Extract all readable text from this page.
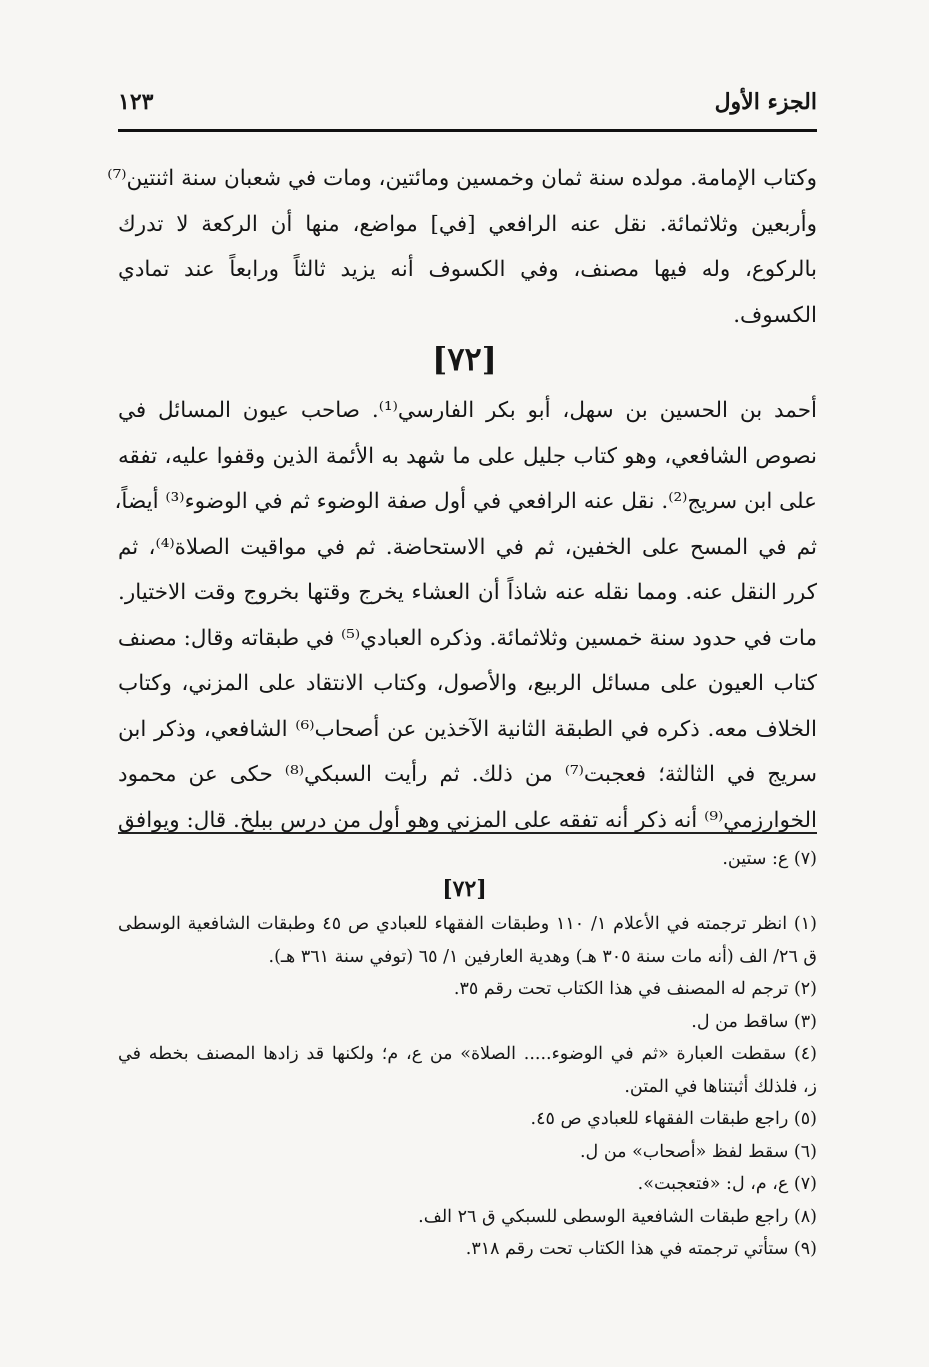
الجزء الأول
١٢٣
وكتاب الإمامة. مولده سنة ثمان وخمسين ومائتين، ومات في شعبان سنة اثنتين⁽⁷⁾
وأربعين وثلاثمائة. نقل عنه الرافعي [في] مواضع، منها أن الركعة لا تدرك
بالركوع، وله فيها مصنف، وفي الكسوف أنه يزيد ثالثاً ورابعاً عند تمادي
الكسوف.
[٧٢]
أحمد بن الحسين بن سهل، أبو بكر الفارسي⁽¹⁾. صاحب عيون المسائل في
نصوص الشافعي، وهو كتاب جليل على ما شهد به الأئمة الذين وقفوا عليه، تفقه
على ابن سريج⁽²⁾. نقل عنه الرافعي في أول صفة الوضوء ثم في الوضوء⁽³⁾ أيضاً،
ثم في المسح على الخفين، ثم في الاستحاضة. ثم في مواقيت الصلاة⁽⁴⁾، ثم
كرر النقل عنه. ومما نقله عنه شاذاً أن العشاء يخرج وقتها بخروج وقت الاختيار.
مات في حدود سنة خمسين وثلاثمائة. وذكره العبادي⁽⁵⁾ في طبقاته وقال: مصنف
كتاب العيون على مسائل الربيع، والأصول، وكتاب الانتقاد على المزني، وكتاب
الخلاف معه. ذكره في الطبقة الثانية الآخذين عن أصحاب⁽⁶⁾ الشافعي، وذكر ابن
سريج في الثالثة؛ فعجبت⁽⁷⁾ من ذلك. ثم رأيت السبكي⁽⁸⁾ حكى عن محمود
الخوارزمي⁽⁹⁾ أنه ذكر أنه تفقه على المزني وهو أول من درس ببلخ. قال: ويوافق
(٧) ع: ستين.
[٧٢]
(١) انظر ترجمته في الأعلام ١/ ١١٠ وطبقات الفقهاء للعبادي ص ٤٥ وطبقات الشافعية الوسطى
ق ٢٦/ الف (أنه مات سنة ٣٠٥ هـ) وهدية العارفين ١/ ٦٥ (توفي سنة ٣٦١ هـ).
(٢) ترجم له المصنف في هذا الكتاب تحت رقم ٣٥.
(٣) ساقط من ل.
(٤) سقطت العبارة «ثم في الوضوء..... الصلاة» من ع، م؛ ولكنها قد زادها المصنف بخطه في
ز، فلذلك أثبتناها في المتن.
(٥) راجع طبقات الفقهاء للعبادي ص ٤٥.
(٦) سقط لفظ «أصحاب» من ل.
(٧) ع، م، ل: «فتعجبت».
(٨) راجع طبقات الشافعية الوسطى للسبكي ق ٢٦ الف.
(٩) ستأتي ترجمته في هذا الكتاب تحت رقم ٣١٨.
